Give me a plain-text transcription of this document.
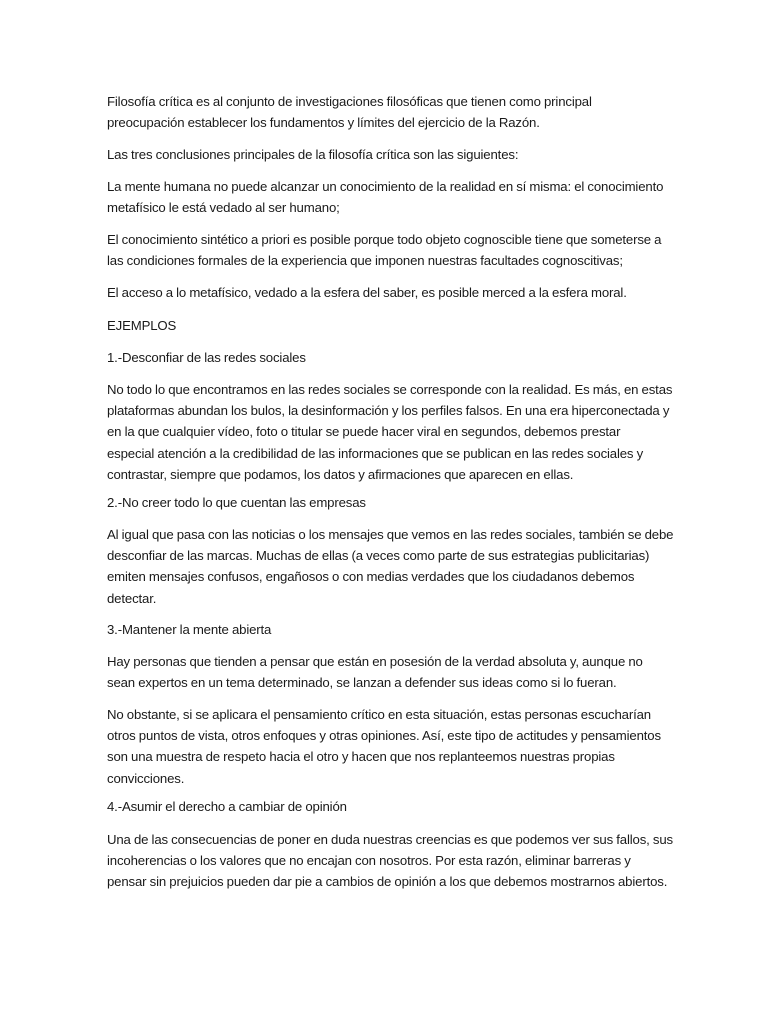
Filosofía crítica es al conjunto de investigaciones filosóficas que tienen como principal
preocupación establecer los fundamentos y límites del ejercicio de la Razón.

Las tres conclusiones principales de la filosofía crítica son las siguientes:

La mente humana no puede alcanzar un conocimiento de la realidad en sí misma: el conocimiento
metafísico le está vedado al ser humano;

El conocimiento sintético a priori es posible porque todo objeto cognoscible tiene que someterse a
las condiciones formales de la experiencia que imponen nuestras facultades cognoscitivas;

El acceso a lo metafísico, vedado a la esfera del saber, es posible merced a la esfera moral.

EJEMPLOS

1.-Desconfiar de las redes sociales

No todo lo que encontramos en las redes sociales se corresponde con la realidad. Es más, en estas
plataformas abundan los bulos, la desinformación y los perfiles falsos. En una era hiperconectada y
en la que cualquier vídeo, foto o titular se puede hacer viral en segundos, debemos prestar
especial atención a la credibilidad de las informaciones que se publican en las redes sociales y
contrastar, siempre que podamos, los datos y afirmaciones que aparecen en ellas.

2.-No creer todo lo que cuentan las empresas

Al igual que pasa con las noticias o los mensajes que vemos en las redes sociales, también se debe
desconfiar de las marcas. Muchas de ellas (a veces como parte de sus estrategias publicitarias)
emiten mensajes confusos, engañosos o con medias verdades que los ciudadanos debemos
detectar.

3.-Mantener la mente abierta

Hay personas que tienden a pensar que están en posesión de la verdad absoluta y, aunque no
sean expertos en un tema determinado, se lanzan a defender sus ideas como si lo fueran.

No obstante, si se aplicara el pensamiento crítico en esta situación, estas personas escucharían
otros puntos de vista, otros enfoques y otras opiniones. Así, este tipo de actitudes y pensamientos
son una muestra de respeto hacia el otro y hacen que nos replanteemos nuestras propias
convicciones.

4.-Asumir el derecho a cambiar de opinión

Una de las consecuencias de poner en duda nuestras creencias es que podemos ver sus fallos, sus
incoherencias o los valores que no encajan con nosotros. Por esta razón, eliminar barreras y
pensar sin prejuicios pueden dar pie a cambios de opinión a los que debemos mostrarnos abiertos.
